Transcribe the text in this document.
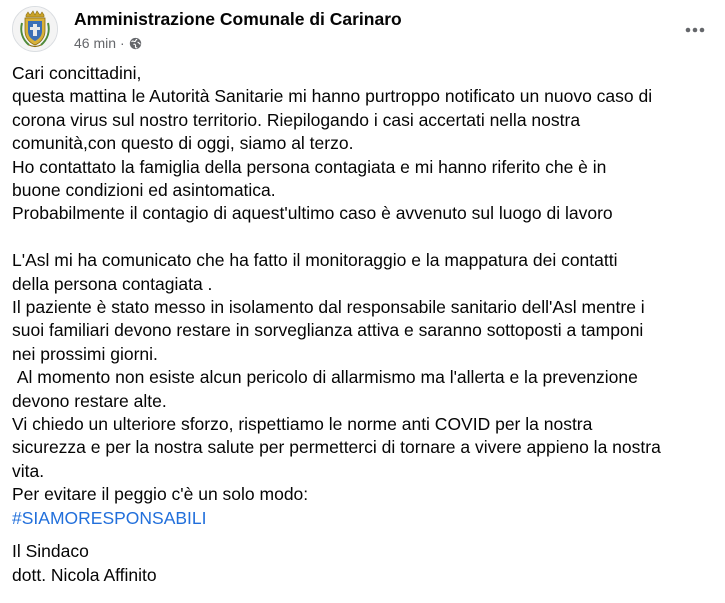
Amministrazione Comunale di Carinaro
46 min ·

Cari concittadini,

questa mattina le Autorità Sanitarie mi hanno purtroppo notificato un nuovo caso di

corona virus sul nostro territorio. Riepilogando i casi accertati nella nostra

comunità,con questo di oggi, siamo al terzo.

Ho contattato la famiglia della persona contagiata e mi hanno riferito che è in

buone condizioni ed asintomatica.

Probabilmente il contagio di aquest'ultimo caso è avvenuto sul luogo di lavoro

L'Asl mi ha comunicato che ha fatto il monitoraggio e la mappatura dei contatti

della persona contagiata .

Il paziente è stato messo in isolamento dal responsabile sanitario dell'Asl mentre i

suoi familiari devono restare in sorveglianza attiva e saranno sottoposti a tamponi

nei prossimi giorni.

Al momento non esiste alcun pericolo di allarmismo ma l'allerta e la prevenzione

devono restare alte.

Vi chiedo un ulteriore sforzo, rispettiamo le norme anti COVID per la nostra

sicurezza e per la nostra salute per permetterci di tornare a vivere appieno la nostra

vita.

Per evitare il peggio c'è un solo modo:

#SIAMORESPONSABILI

Il Sindaco

dott. Nicola Affinito
